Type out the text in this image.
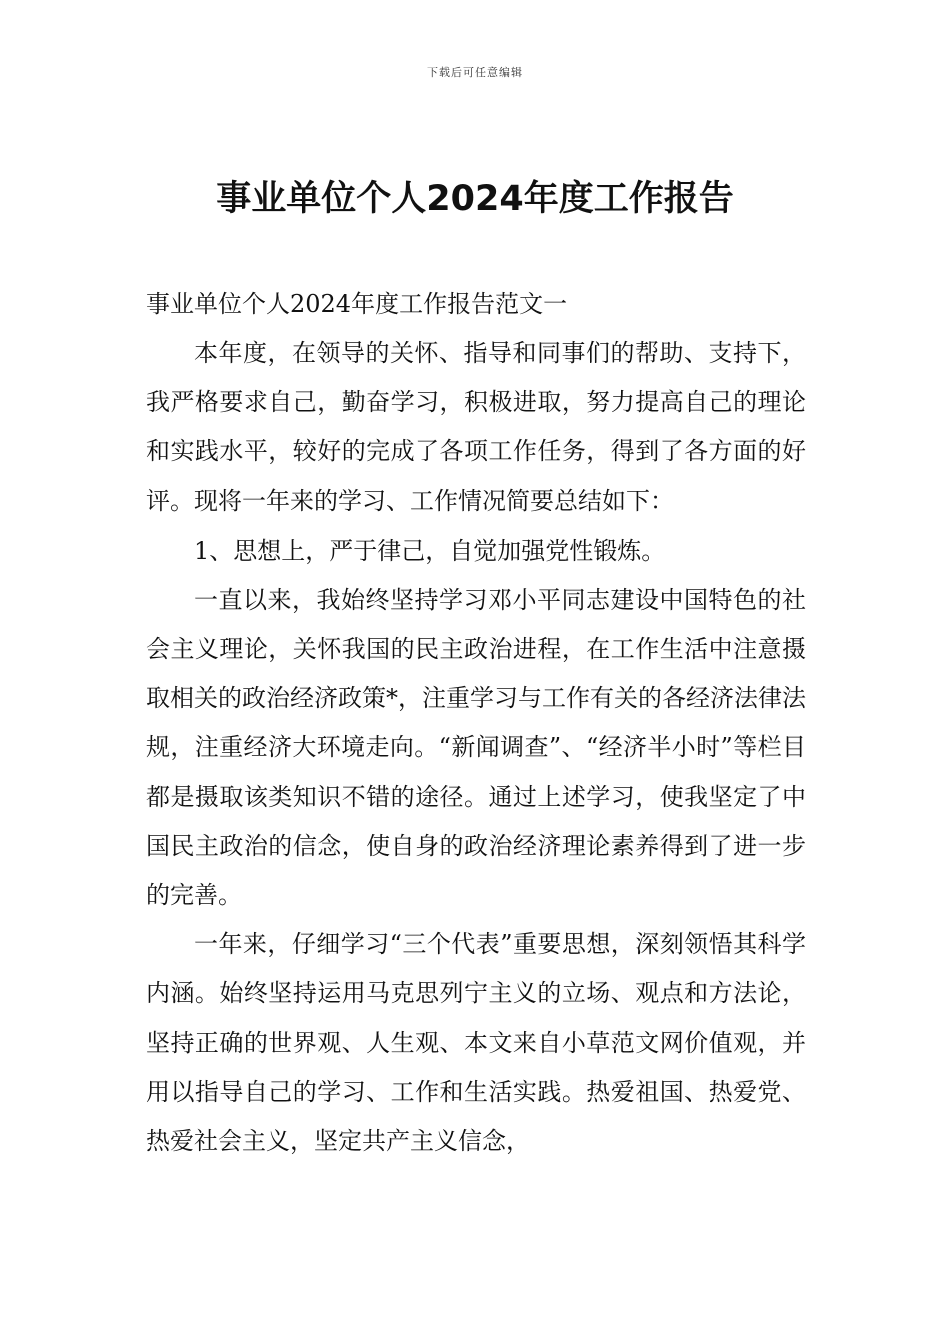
下载后可任意编辑
事业单位个人2024年度工作报告

事业单位个人2024年度工作报告范文一

本年度，在领导的关怀、指导和同事们的帮助、支持下，我严格要求自己，勤奋学习，积极进取，努力提高自己的理论和实践水平，较好的完成了各项工作任务，得到了各方面的好评。现将一年来的学习、工作情况简要总结如下：

1、思想上，严于律己，自觉加强党性锻炼。

一直以来，我始终坚持学习邓小平同志建设中国特色的社会主义理论，关怀我国的民主政治进程，在工作生活中注意摄取相关的政治经济政策*，注重学习与工作有关的各经济法律法规，注重经济大环境走向。“新闻调查”、“经济半小时”等栏目都是摄取该类知识不错的途径。通过上述学习，使我坚定了中国民主政治的信念，使自身的政治经济理论素养得到了进一步的完善。

一年来，仔细学习“三个代表”重要思想，深刻领悟其科学内涵。始终坚持运用马克思列宁主义的立场、观点和方法论，坚持正确的世界观、人生观、本文来自小草范文网价值观，并用以指导自己的学习、工作和生活实践。热爱祖国、热爱党、热爱社会主义，坚定共产主义信念，
